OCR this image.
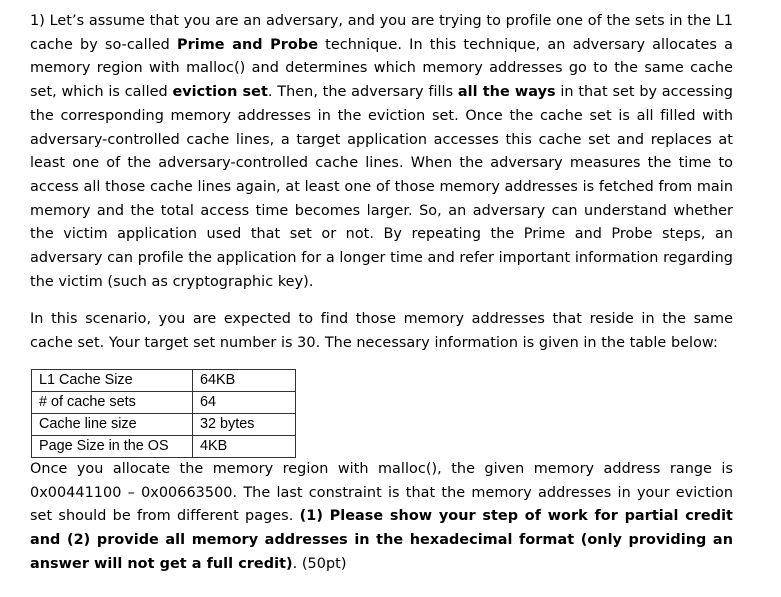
1) Let’s assume that you are an adversary, and you are trying to profile one of the sets in the L1 cache by so-called Prime and Probe technique. In this technique, an adversary allocates a memory region with malloc() and determines which memory addresses go to the same cache set, which is called eviction set. Then, the adversary fills all the ways in that set by accessing the corresponding memory addresses in the eviction set. Once the cache set is all filled with adversary-controlled cache lines, a target application accesses this cache set and replaces at least one of the adversary-controlled cache lines. When the adversary measures the time to access all those cache lines again, at least one of those memory addresses is fetched from main memory and the total access time becomes larger. So, an adversary can understand whether the victim application used that set or not. By repeating the Prime and Probe steps, an adversary can profile the application for a longer time and refer important information regarding the victim (such as cryptographic key).

In this scenario, you are expected to find those memory addresses that reside in the same cache set. Your target set number is 30. The necessary information is given in the table below:

L1 Cache Size	64KB
# of cache sets	64
Cache line size	32 bytes
Page Size in the OS	4KB

Once you allocate the memory region with malloc(), the given memory address range is 0x00441100 – 0x00663500. The last constraint is that the memory addresses in your eviction set should be from different pages. (1) Please show your step of work for partial credit and (2) provide all memory addresses in the hexadecimal format (only providing an answer will not get a full credit). (50pt)
